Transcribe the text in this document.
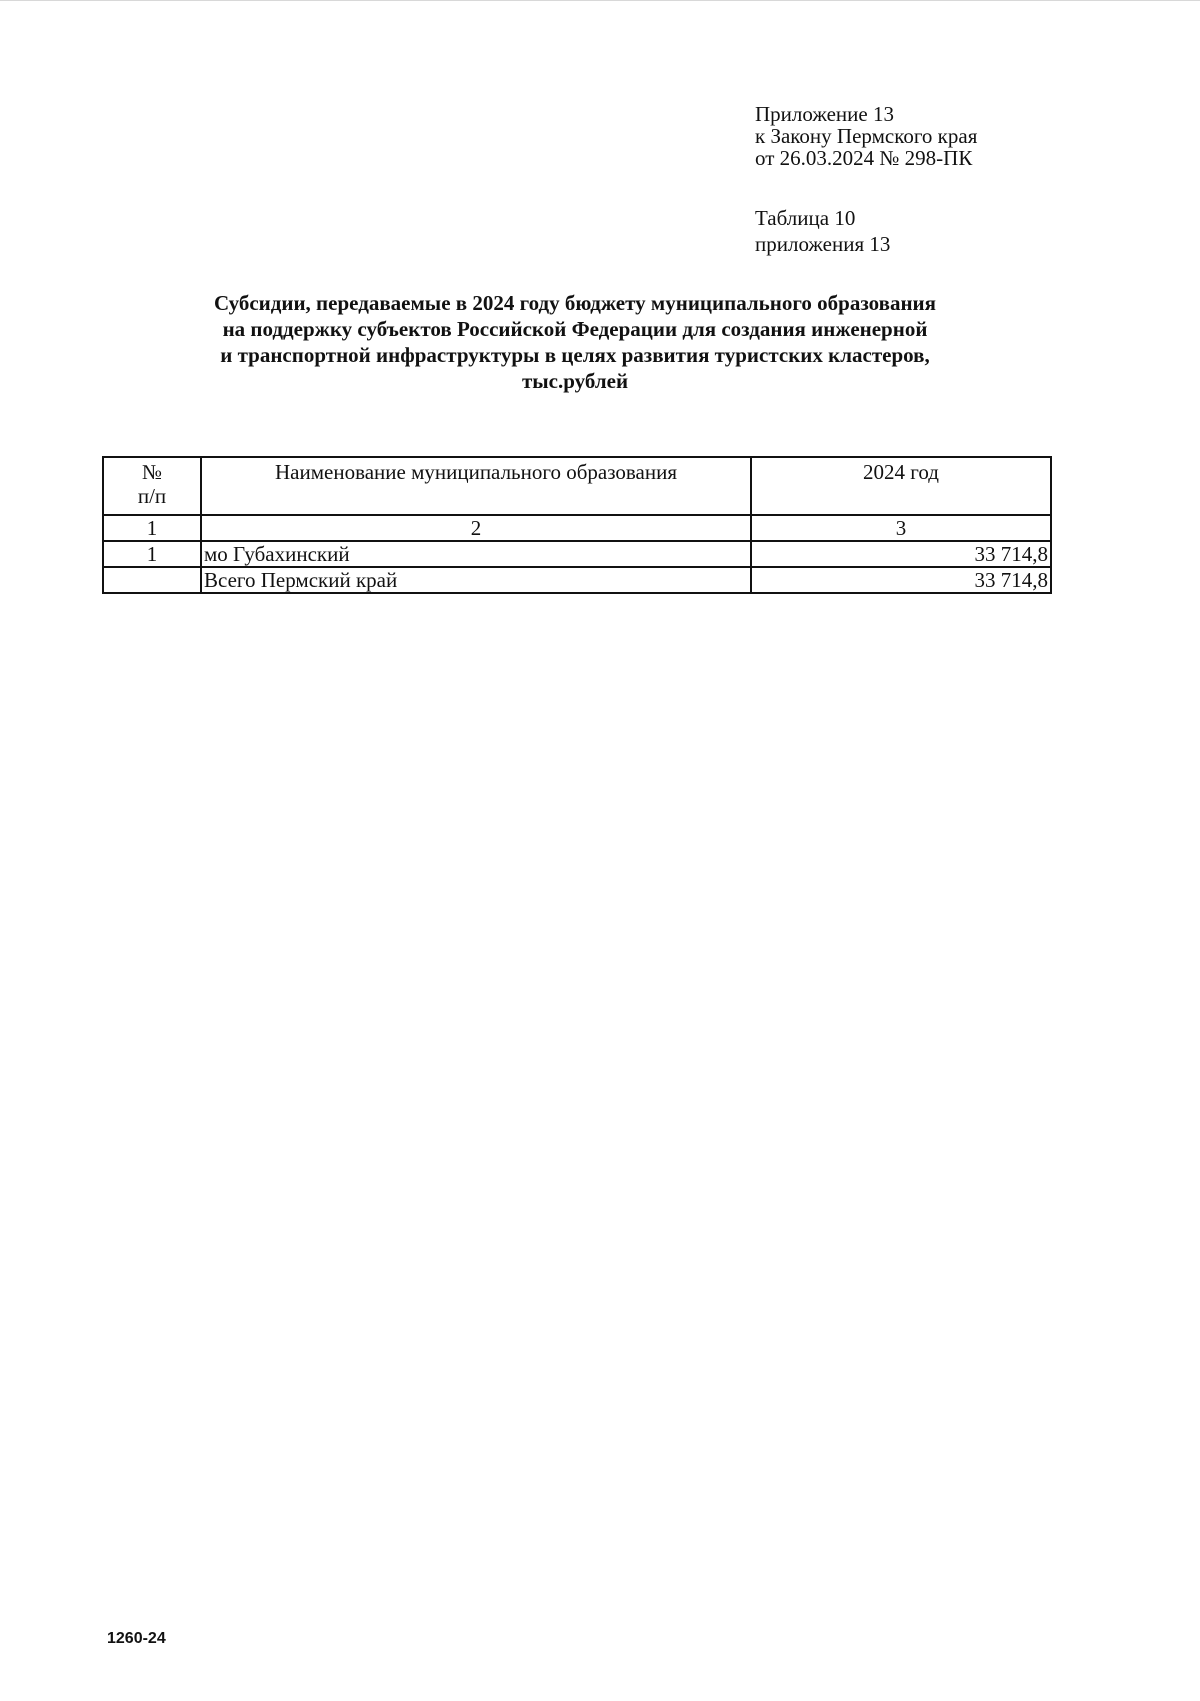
Приложение 13
к Закону Пермского края
от 26.03.2024 № 298-ПК
Таблица 10
приложения 13
Субсидии, передаваемые в 2024 году бюджету муниципального образования
на поддержку субъектов Российской Федерации для создания инженерной
и транспортной инфраструктуры в целях развития туристских кластеров,
тыс.рублей
№
п/п	Наименование муниципального образования	2024 год
1	2	3
1	мо Губахинский	33 714,8
	Всего Пермский край	33 714,8
1260-24
